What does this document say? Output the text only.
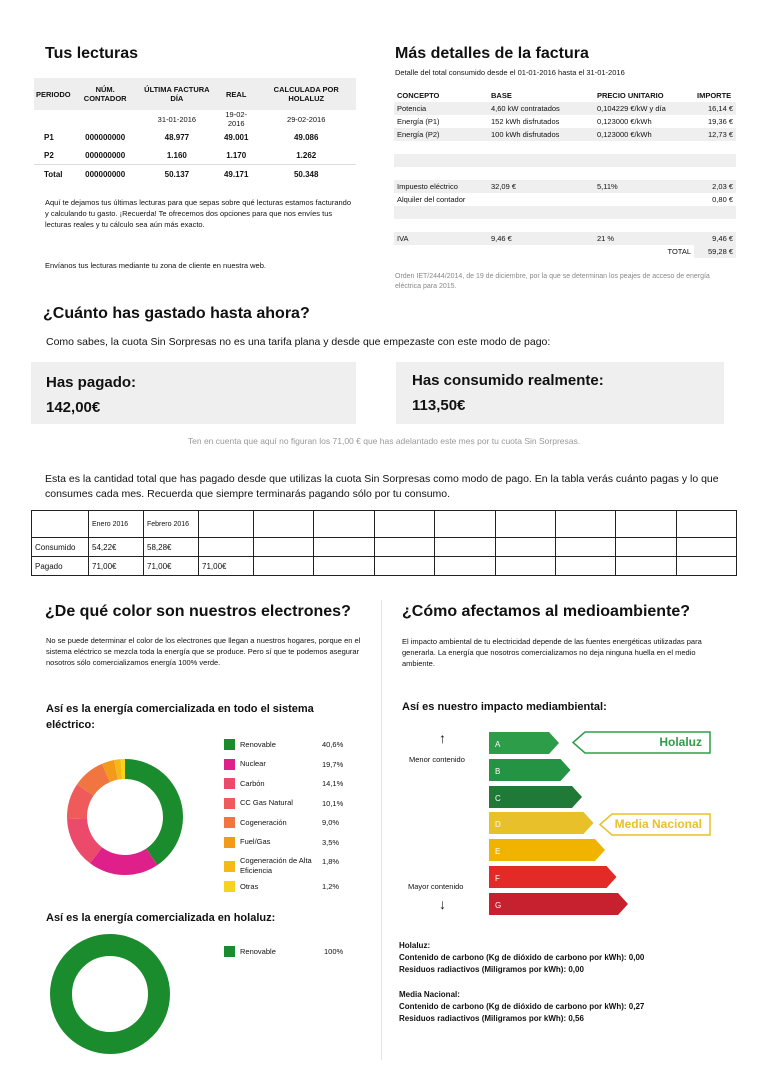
Tus lecturas
PERIODO	NÚM. CONTADOR	ÚLTIMA FACTURA DÍA	REAL	CALCULADA POR HOLALUZ
		31-01-2016	19-02-2016	29-02-2016
P1	000000000	48.977	49.001	49.086
P2	000000000	1.160	1.170	1.262
Total	000000000	50.137	49.171	50.348
Aquí te dejamos tus últimas lecturas para que sepas sobre qué lecturas estamos facturando y calculando tu gasto. ¡Recuerda! Te ofrecemos dos opciones para que nos envíes tus lecturas reales y tu cálculo sea aún más exacto.
Envíanos tus lecturas mediante tu zona de cliente en nuestra web.
Más detalles de la factura
Detalle del total consumido desde el 01-01-2016 hasta el 31-01-2016
CONCEPTO	BASE	PRECIO UNITARIO	IMPORTE
Potencia	4,60 kW contratados	0,104229 €/kW y día	16,14 €
Energía (P1)	152 kWh disfrutados	0,123000 €/kWh	19,36 €
Energía (P2)	100 kWh disfrutados	0,123000 €/kWh	12,73 €

Impuesto eléctrico	32,09 €	5,11%	2,03 €
Alquiler del contador			0,80 €

IVA	9,46 €	21 %	9,46 €
		TOTAL	59,28 €
Orden IET/2444/2014, de 19 de diciembre, por la que se determinan los peajes de acceso de energía eléctrica para 2015.
¿Cuánto has gastado hasta ahora?
Como sabes, la cuota Sin Sorpresas no es una tarifa plana y desde que empezaste con este modo de pago:
Has pagado:
142,00€
Has consumido realmente:
113,50€
Ten en cuenta que aquí no figuran los 71,00 € que has adelantado este mes por tu cuota Sin Sorpresas.
Esta es la cantidad total que has pagado desde que utilizas la cuota Sin Sorpresas como modo de pago. En la tabla verás cuánto pagas y lo que consumes cada mes. Recuerda que siempre terminarás pagando sólo por tu consumo.
	Enero 2016	Febrero 2016									
Consumido	54,22€	58,28€									
Pagado	71,00€	71,00€	71,00€								
¿De qué color son nuestros electrones?
No se puede determinar el color de los electrones que llegan a nuestros hogares, porque en el sistema eléctrico se mezcla toda la energía que se produce. Pero sí que te podemos asegurar nosotros sólo comercializamos energía 100% verde.
Así es la energía comercializada en todo el sistema eléctrico:
Renovable	40,6%
Nuclear	19,7%
Carbón	14,1%
CC Gas Natural	10,1%
Cogeneración	9,0%
Fuel/Gas	3,5%
Cogeneración de Alta Eficiencia
1,8%
Otras	1,2%
Así es la energía comercializada en holaluz:
Renovable	100%
¿Cómo afectamos al medioambiente?
El impacto ambiental de tu electricidad depende de las fuentes energéticas utilizadas para generarla. La energía que nosotros comercializamos no deja ninguna huella en el medio ambiente.
Así es nuestro impacto mediambiental:
↑
Menor contenido
Mayor contenido
↓
A
B
C
D
E
F
G
Holaluz
Media Nacional
Holaluz:
Contenido de carbono (Kg de dióxido de carbono por kWh): 0,00
Residuos radiactivos (Miligramos por kWh): 0,00
Media Nacional:
Contenido de carbono (Kg de dióxido de carbono por kWh): 0,27
Residuos radiactivos (Miligramos por kWh): 0,56
